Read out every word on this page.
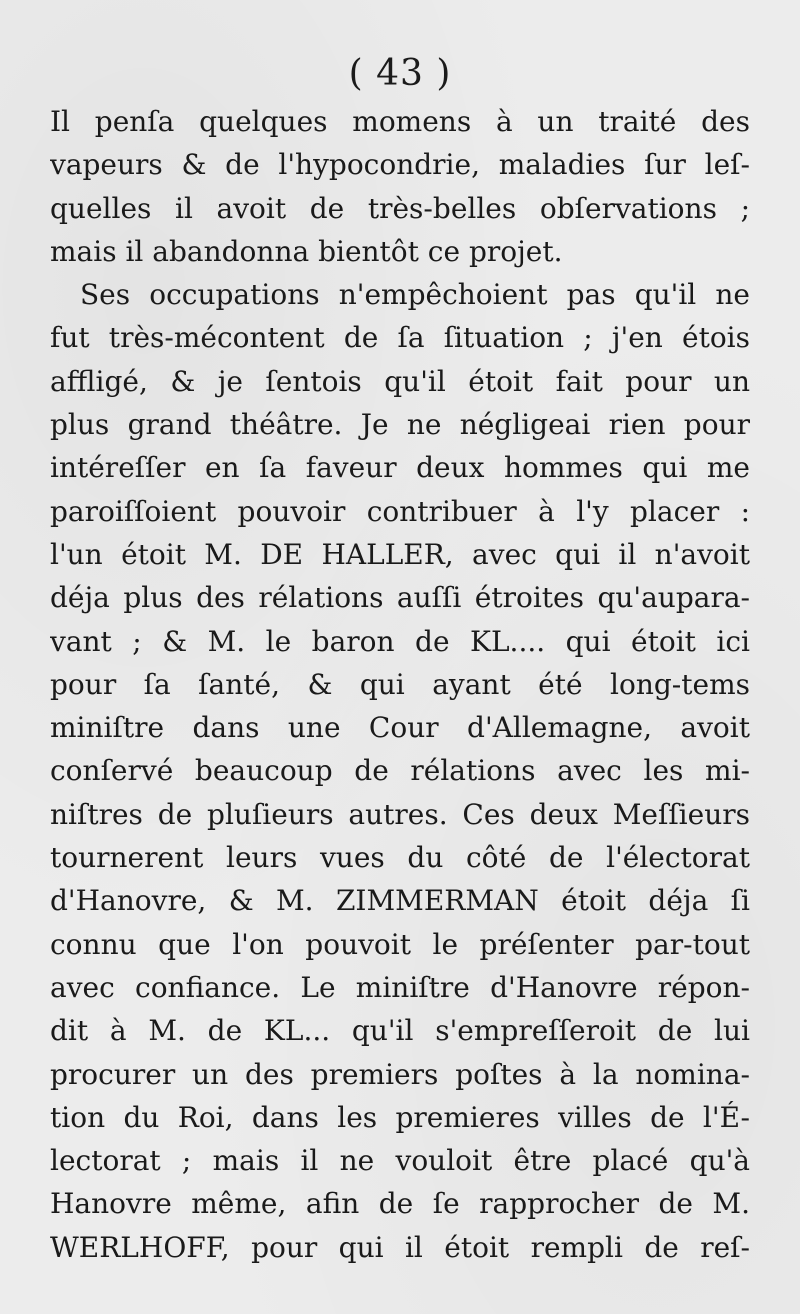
( 43 )
Il penſa quelques momens à un traité des
vapeurs & de l'hypocondrie, maladies ſur leſ-
quelles il avoit de très-belles obſervations ;
mais il abandonna bientôt ce projet.
Ses occupations n'empêchoient pas qu'il ne
fut très-mécontent de ſa ſituation ; j'en étois
affligé, & je ſentois qu'il étoit fait pour un
plus grand théâtre. Je ne négligeai rien pour
intéreſſer en ſa faveur deux hommes qui me
paroiſſoient pouvoir contribuer à l'y placer :
l'un étoit M. DE HALLER, avec qui il n'avoit
déja plus des rélations auſſi étroites qu'aupara-
vant ; & M. le baron de KL.... qui étoit ici
pour ſa ſanté, & qui ayant été long-tems
miniſtre dans une Cour d'Allemagne, avoit
conſervé beaucoup de rélations avec les mi-
niſtres de pluſieurs autres. Ces deux Meſſieurs
tournerent leurs vues du côté de l'électorat
d'Hanovre, & M. ZIMMERMAN étoit déja ſi
connu que l'on pouvoit le préſenter par-tout
avec confiance. Le miniſtre d'Hanovre répon-
dit à M. de KL... qu'il s'empreſſeroit de lui
procurer un des premiers poſtes à la nomina-
tion du Roi, dans les premieres villes de l'É-
lectorat ; mais il ne vouloit être placé qu'à
Hanovre même, afin de ſe rapprocher de M.
WERLHOFF, pour qui il étoit rempli de reſ-
